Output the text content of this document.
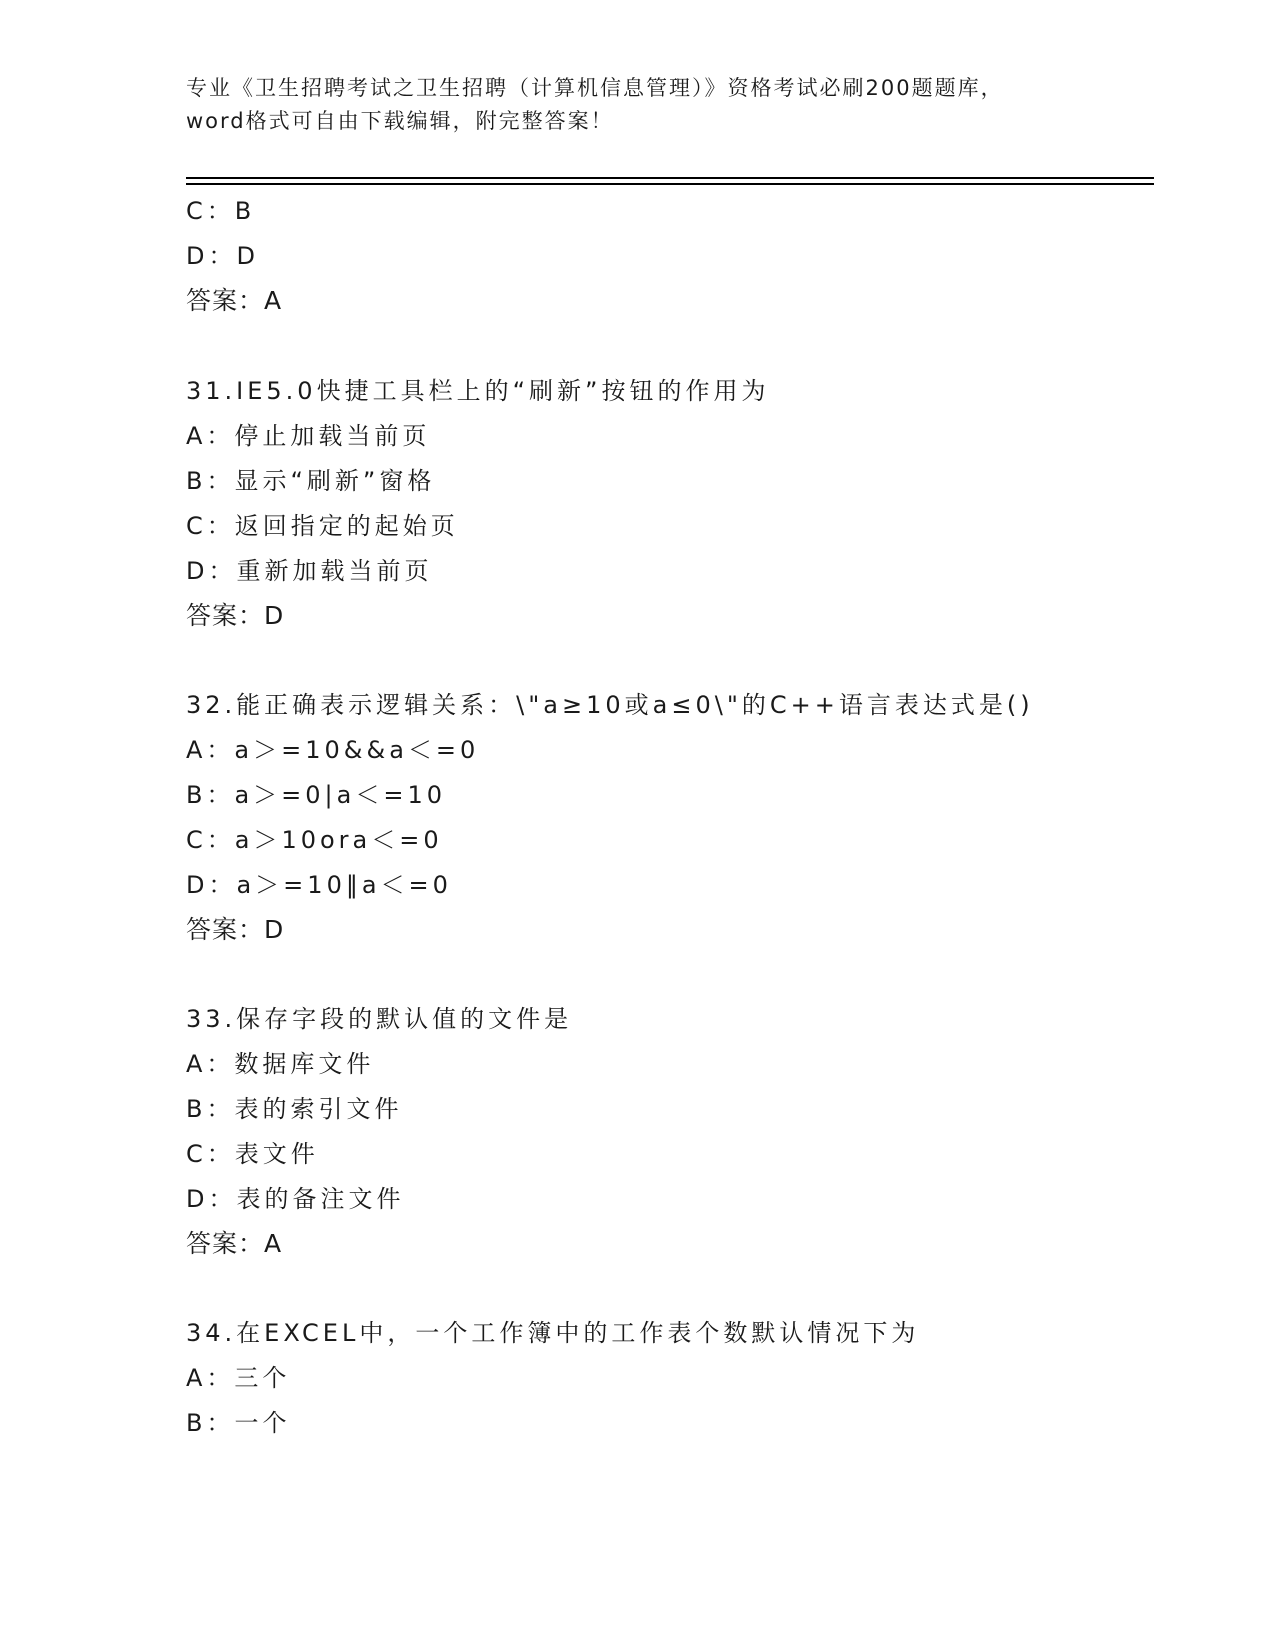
专业《卫生招聘考试之卫生招聘（计算机信息管理）》资格考试必刷200题题库，
word格式可自由下载编辑，附完整答案！
C：B
D：D
答案：A
31.IE5.0快捷工具栏上的“刷新”按钮的作用为
A：停止加载当前页
B：显示“刷新”窗格
C：返回指定的起始页
D：重新加载当前页
答案：D
32.能正确表示逻辑关系：\"a≥10或a≤0\"的C++语言表达式是()
A：a＞=10&&a＜=0
B：a＞=0|a＜=10
C：a＞10ora＜=0
D：a＞=10‖a＜=0
答案：D
33.保存字段的默认值的文件是
A：数据库文件
B：表的索引文件
C：表文件
D：表的备注文件
答案：A
34.在EXCEL中，一个工作簿中的工作表个数默认情况下为
A：三个
B：一个
